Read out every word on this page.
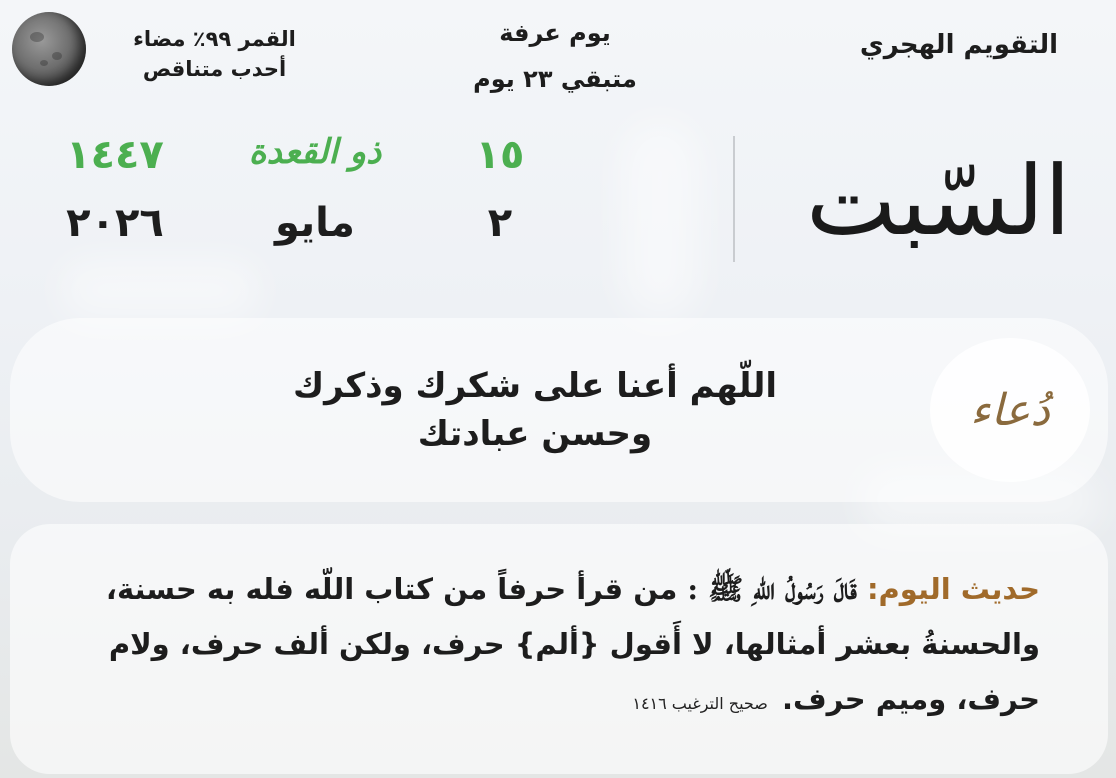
التقويم الهجري
يوم عرفة
متبقي ٢٣ يوم
القمر ٩٩٪ مضاء
أحدب متناقص
السّبت
١٤٤٧	ذو القعدة	١٥
٢٠٢٦	مايو	٢
دُعاء
اللّهم أعنا على شكرك وذكرك
وحسن عبادتك
حديث اليوم: قَالَ رَسُولُ اللّهِ ﷺ : من قرأ حرفاً من كتاب اللّه فله به حسنة، والحسنةُ بعشر أمثالها، لا أَقول {ألم} حرف، ولكن ألف حرف، ولام حرف، وميم حرف. صحيح الترغيب ١٤١٦
